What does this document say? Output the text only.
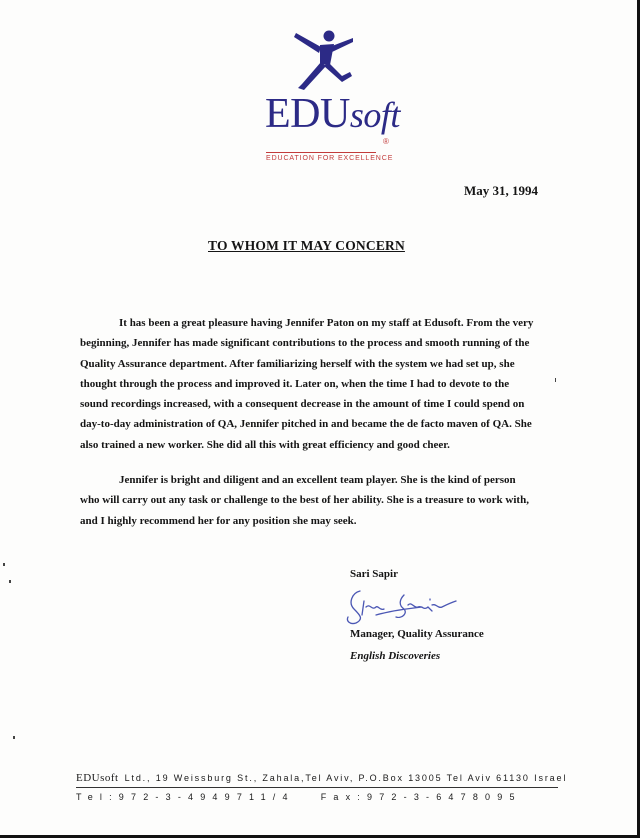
EDUsoft
®
EDUCATION FOR EXCELLENCE
May 31, 1994
TO WHOM IT MAY CONCERN
It has been a great pleasure having Jennifer Paton on my staff at Edusoft. From the very beginning, Jennifer has made significant contributions to the process and smooth running of the Quality Assurance department. After familiarizing herself with the system we had set up, she thought through the process and improved it. Later on, when the time I had to devote to the sound recordings increased, with a consequent decrease in the amount of time I could spend on day-to-day administration of QA, Jennifer pitched in and became the de facto maven of QA. She also trained a new worker. She did all this with great efficiency and good cheer.
Jennifer is bright and diligent and an excellent team player. She is the kind of person who will carry out any task or challenge to the best of her ability. She is a treasure to work with, and I highly recommend her for any position she may seek.
Sari Sapir
Manager, Quality Assurance
English Discoveries
EDUsoft Ltd., 19 Weissburg St., Zahala,Tel Aviv, P.O.Box 13005 Tel Aviv 61130 Israel
Tel:972-3-4949711/4	Fax:972-3-6478095
